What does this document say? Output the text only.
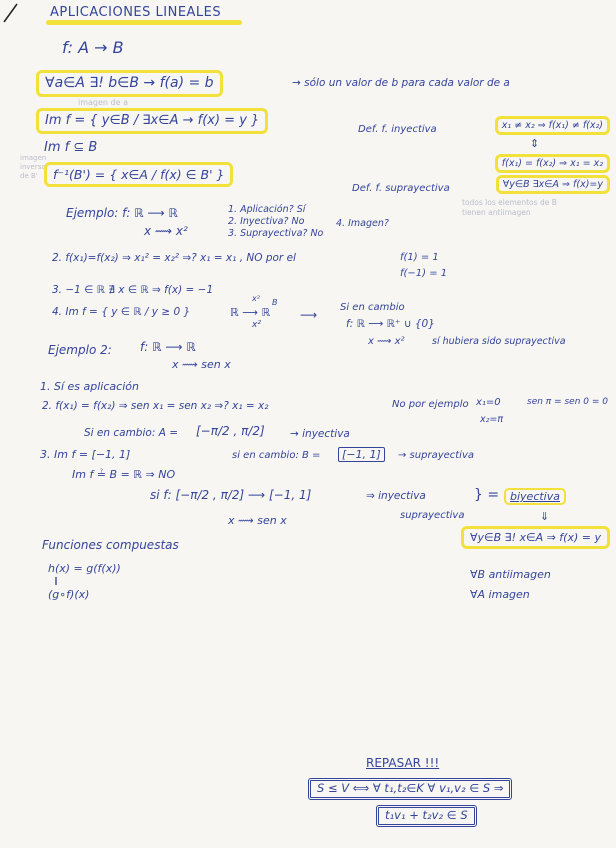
APLICACIONES LINEALES
f: A → B
∀a∈A ∃! b∈B → f(a) = b	→ sólo un valor de b para cada valor de a
imagen de a
Im f = { y∈B / ∃x∈A → f(x) = y }
Im f ⊆ B
imagen
inversa
de B'	f⁻¹(B') = { x∈A / f(x) ∈ B' }
Def. f. inyectiva	x₁ ≠ x₂ ⇒ f(x₁) ≠ f(x₂)
⇕
f(x₁) = f(x₂) ⇒ x₁ = x₂
Def. f. suprayectiva	∀y∈B ∃x∈A ⇒ f(x)=y
todos los elementos de B
tienen antiimagen
Ejemplo: f: ℝ ⟶ ℝ
x ⟿ x²
1. Aplicación? Sí
2. Inyectiva? No
3. Suprayectiva? No
4. Imagen?
2. f(x₁)=f(x₂) ⇒ x₁² = x₂² ⇒? x₁ = x₁ , NO por el	f(1) = 1
f(−1) = 1
3. −1 ∈ ℝ ∄ x ∈ ℝ ⇒ f(x) = −1
4. Im f = { y ∈ ℝ / y ≥ 0 }	ℝ ⟶ ℝ
x² B
x²
⟶
Si en cambio
f: ℝ ⟶ ℝ⁺ ∪ {0}
x ⟿ x²	sí hubiera sido suprayectiva
Ejemplo 2: f: ℝ ⟶ ℝ
x ⟿ sen x
1. Sí es aplicación
2. f(x₁) = f(x₂) ⇒ sen x₁ = sen x₂ ⇒? x₁ = x₂	No por ejemplo x₁=0
x₂=π
sen π = sen 0 = 0
Si en cambio: A = [−π/2 , π/2] → inyectiva
3. Im f = [−1, 1]	si en cambio: B =	[−1, 1]	→ suprayectiva
Im f ≟ B = ℝ ⇒ NO
si f: [−π/2 , π/2] ⟶ [−1, 1]
x ⟿ sen x
⇒ inyectiva
suprayectiva
} = biyectiva
⇓
∀y∈B ∃! x∈A ⇒ f(x) = y
∀B antiimagen
∀A imagen
Funciones compuestas
h(x) = g(f(x))
‖
(g∘f)(x)
REPASAR !!!
S ≤ V ⟺ ∀ t₁,t₂∈K ∀ v₁,v₂ ∈ S ⇒
t₁v₁ + t₂v₂ ∈ S
